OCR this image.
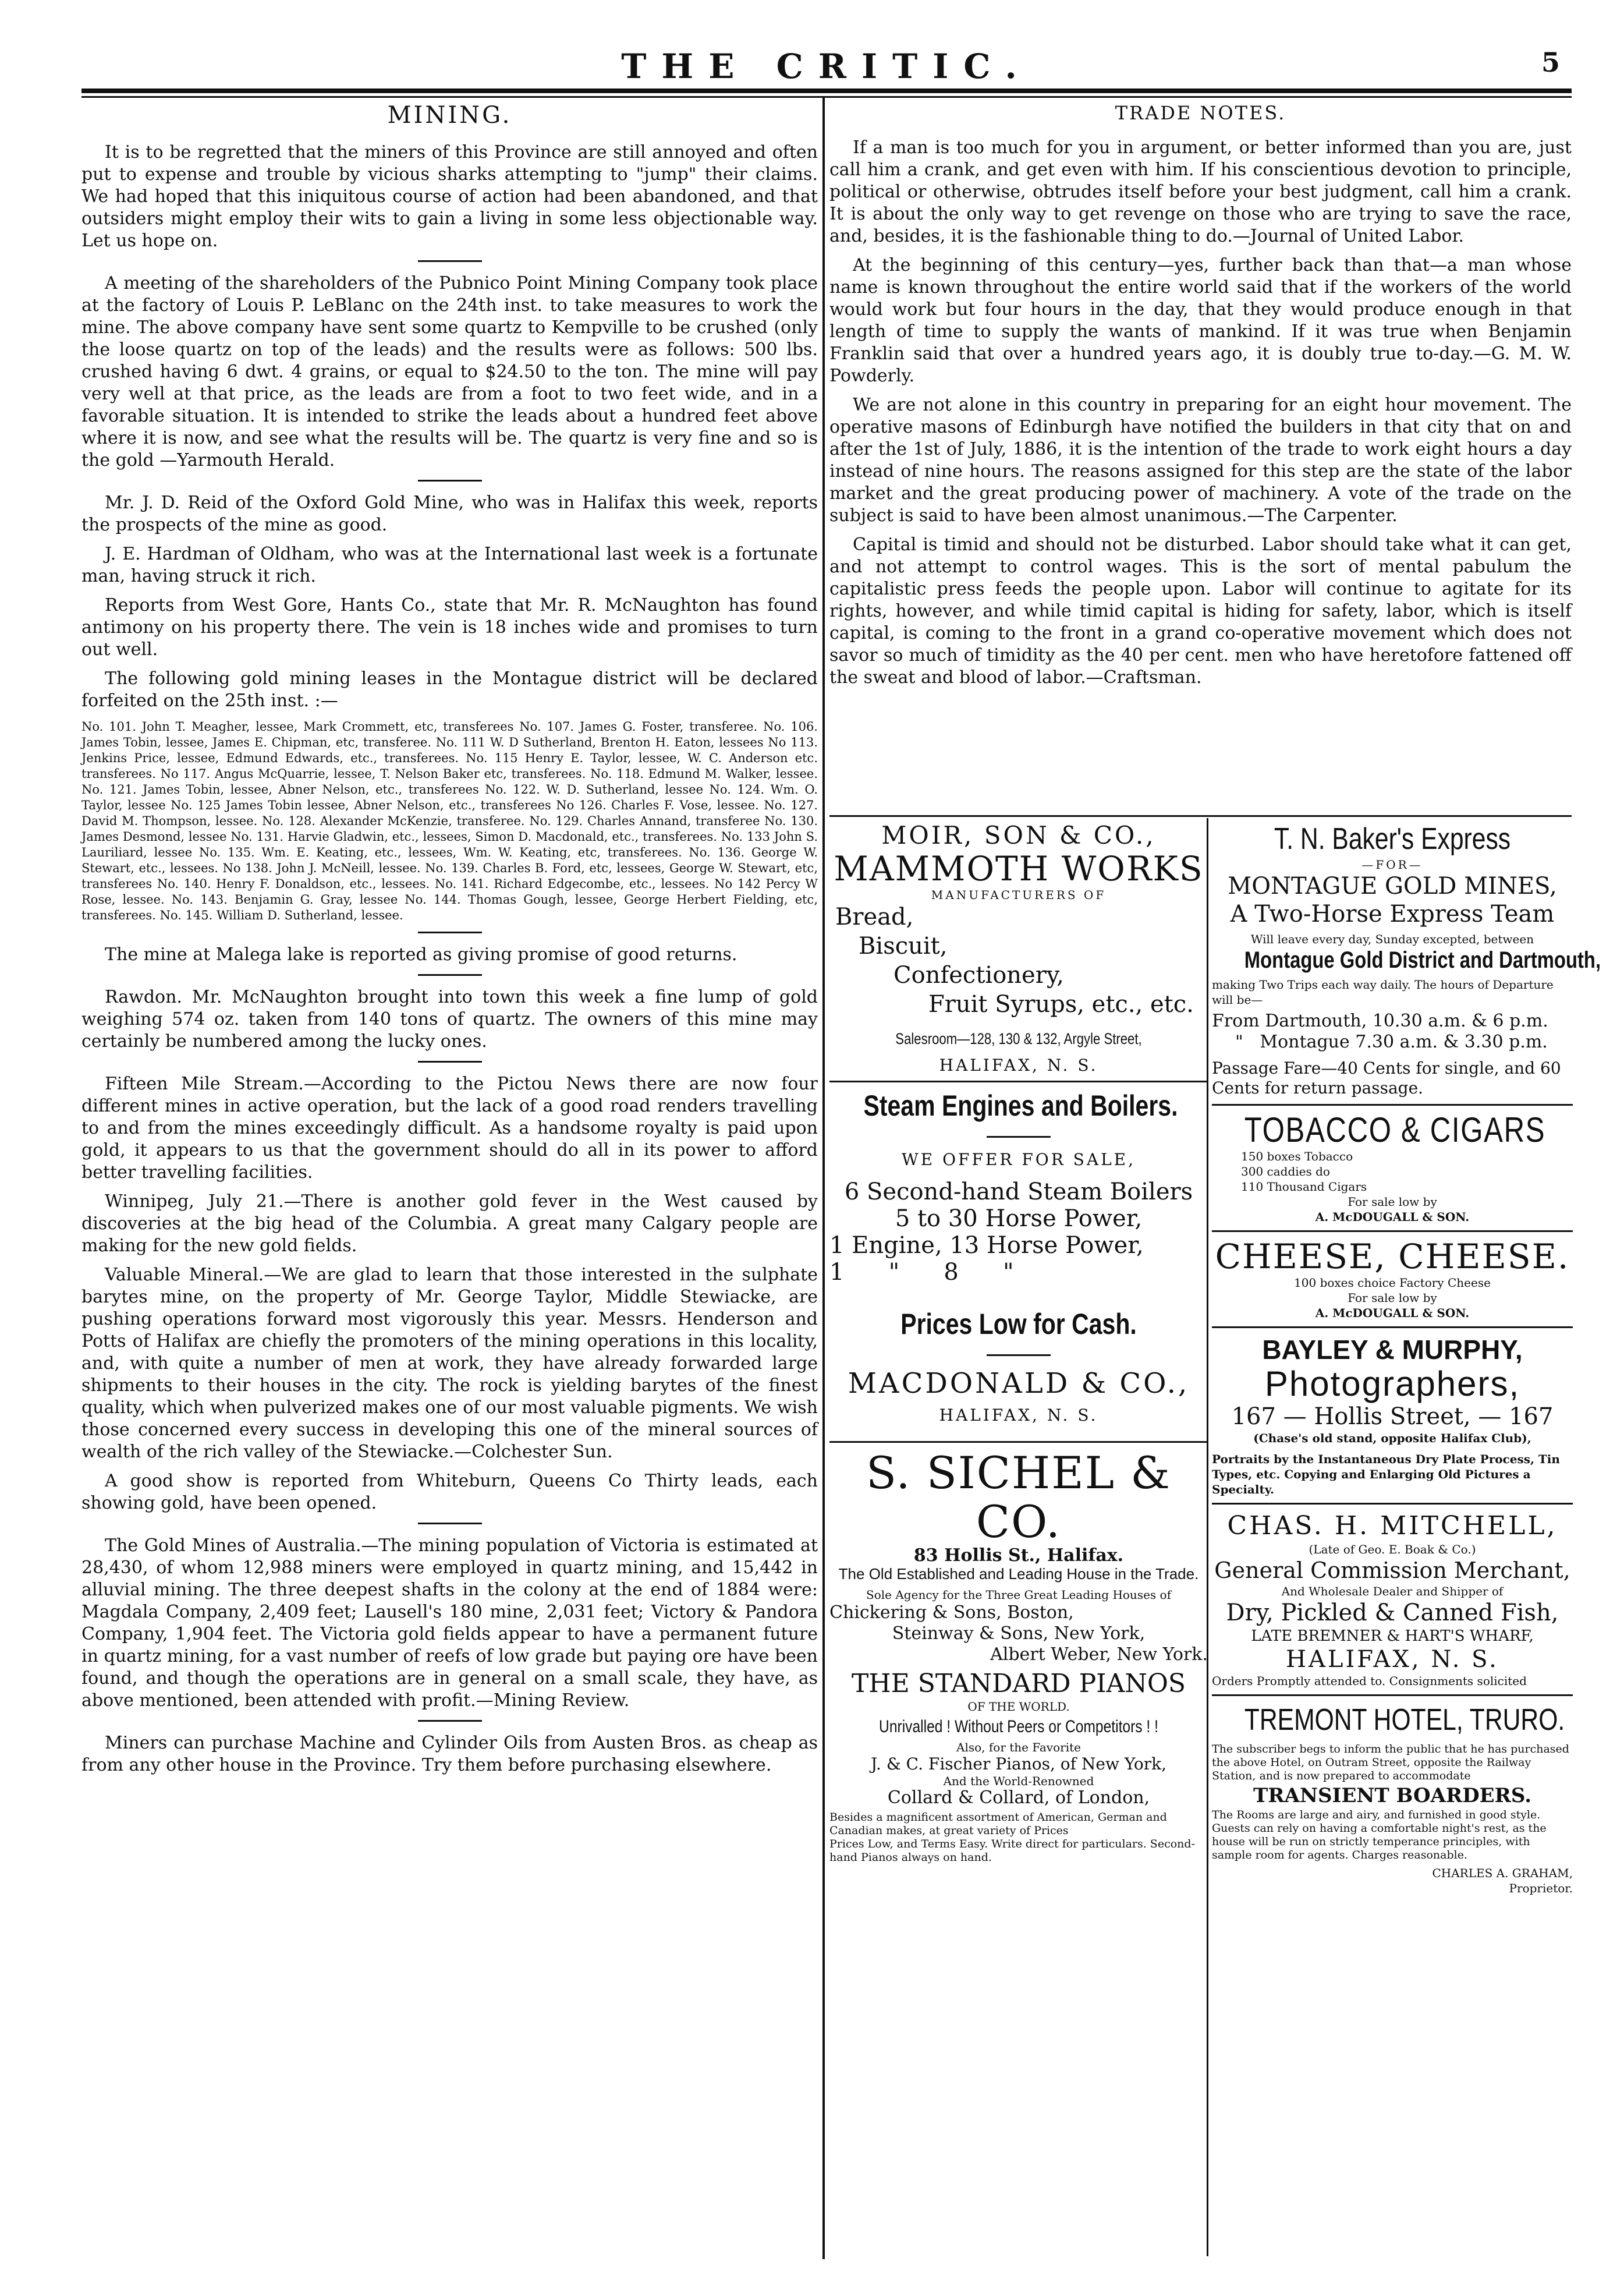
THE CRITIC.	5
MINING.

It is to be regretted that the miners of this Province are still annoyed and often put to expense and trouble by vicious sharks attempting to "jump" their claims. We had hoped that this iniquitous course of action had been abandoned, and that outsiders might employ their wits to gain a living in some less objectionable way. Let us hope on.

A meeting of the shareholders of the Pubnico Point Mining Company took place at the factory of Louis P. LeBlanc on the 24th inst. to take measures to work the mine. The above company have sent some quartz to Kempville to be crushed (only the loose quartz on top of the leads) and the results were as follows: 500 lbs. crushed having 6 dwt. 4 grains, or equal to $24.50 to the ton. The mine will pay very well at that price, as the leads are from a foot to two feet wide, and in a favorable situation. It is intended to strike the leads about a hundred feet above where it is now, and see what the results will be. The quartz is very fine and so is the gold —Yarmouth Herald.

Mr. J. D. Reid of the Oxford Gold Mine, who was in Halifax this week, reports the prospects of the mine as good.

J. E. Hardman of Oldham, who was at the International last week is a fortunate man, having struck it rich.

Reports from West Gore, Hants Co., state that Mr. R. McNaughton has found antimony on his property there. The vein is 18 inches wide and promises to turn out well.

The following gold mining leases in the Montague district will be declared forfeited on the 25th inst. :—

No. 101. John T. Meagher, lessee, Mark Crommett, etc, transferees No. 107. James G. Foster, transferee. No. 106. James Tobin, lessee, James E. Chipman, etc, transferee. No. 111 W. D Sutherland, Brenton H. Eaton, lessees No 113. Jenkins Price, lessee, Edmund Edwards, etc., transferees. No. 115 Henry E. Taylor, lessee, W. C. Anderson etc. transferees. No 117. Angus McQuarrie, lessee, T. Nelson Baker etc, transferees. No. 118. Edmund M. Walker, lessee. No. 121. James Tobin, lessee, Abner Nelson, etc., transferees No. 122. W. D. Sutherland, lessee No. 124. Wm. O. Taylor, lessee No. 125 James Tobin lessee, Abner Nelson, etc., transferees No 126. Charles F. Vose, lessee. No. 127. David M. Thompson, lessee. No. 128. Alexander McKenzie, transferee. No. 129. Charles Annand, transferee No. 130. James Desmond, lessee No. 131. Harvie Gladwin, etc., lessees, Simon D. Macdonald, etc., transferees. No. 133 John S. Lauriliard, lessee No. 135. Wm. E. Keating, etc., lessees, Wm. W. Keating, etc, transferees. No. 136. George W. Stewart, etc., lessees. No 138. John J. McNeill, lessee. No. 139. Charles B. Ford, etc, lessees, George W. Stewart, etc, transferees No. 140. Henry F. Donaldson, etc., lessees. No. 141. Richard Edgecombe, etc., lessees. No 142 Percy W Rose, lessee. No. 143. Benjamin G. Gray, lessee No. 144. Thomas Gough, lessee, George Herbert Fielding, etc, transferees. No. 145. William D. Sutherland, lessee.

The mine at Malega lake is reported as giving promise of good returns.

Rawdon. Mr. McNaughton brought into town this week a fine lump of gold weighing 574 oz. taken from 140 tons of quartz. The owners of this mine may certainly be numbered among the lucky ones.

Fifteen Mile Stream.—According to the Pictou News there are now four different mines in active operation, but the lack of a good road renders travelling to and from the mines exceedingly difficult. As a handsome royalty is paid upon gold, it appears to us that the government should do all in its power to afford better travelling facilities.

Winnipeg, July 21.—There is another gold fever in the West caused by discoveries at the big head of the Columbia. A great many Calgary people are making for the new gold fields.

Valuable Mineral.—We are glad to learn that those interested in the sulphate barytes mine, on the property of Mr. George Taylor, Middle Stewiacke, are pushing operations forward most vigorously this year. Messrs. Henderson and Potts of Halifax are chiefly the promoters of the mining operations in this locality, and, with quite a number of men at work, they have already forwarded large shipments to their houses in the city. The rock is yielding barytes of the finest quality, which when pulverized makes one of our most valuable pigments. We wish those concerned every success in developing this one of the mineral sources of wealth of the rich valley of the Stewiacke.—Colchester Sun.

A good show is reported from Whiteburn, Queens Co Thirty leads, each showing gold, have been opened.

The Gold Mines of Australia.—The mining population of Victoria is estimated at 28,430, of whom 12,988 miners were employed in quartz mining, and 15,442 in alluvial mining. The three deepest shafts in the colony at the end of 1884 were: Magdala Company, 2,409 feet; Lausell's 180 mine, 2,031 feet; Victory & Pandora Company, 1,904 feet. The Victoria gold fields appear to have a permanent future in quartz mining, for a vast number of reefs of low grade but paying ore have been found, and though the operations are in general on a small scale, they have, as above mentioned, been attended with profit.—Mining Review.

Miners can purchase Machine and Cylinder Oils from Austen Bros. as cheap as from any other house in the Province. Try them before purchasing elsewhere.

TRADE NOTES.

If a man is too much for you in argument, or better informed than you are, just call him a crank, and get even with him. If his conscientious devotion to principle, political or otherwise, obtrudes itself before your best judgment, call him a crank. It is about the only way to get revenge on those who are trying to save the race, and, besides, it is the fashionable thing to do.—Journal of United Labor.

At the beginning of this century—yes, further back than that—a man whose name is known throughout the entire world said that if the workers of the world would work but four hours in the day, that they would produce enough in that length of time to supply the wants of mankind. If it was true when Benjamin Franklin said that over a hundred years ago, it is doubly true to-day.—G. M. W. Powderly.

We are not alone in this country in preparing for an eight hour movement. The operative masons of Edinburgh have notified the builders in that city that on and after the 1st of July, 1886, it is the intention of the trade to work eight hours a day instead of nine hours. The reasons assigned for this step are the state of the labor market and the great producing power of machinery. A vote of the trade on the subject is said to have been almost unanimous.—The Carpenter.

Capital is timid and should not be disturbed. Labor should take what it can get, and not attempt to control wages. This is the sort of mental pabulum the capitalistic press feeds the people upon. Labor will continue to agitate for its rights, however, and while timid capital is hiding for safety, labor, which is itself capital, is coming to the front in a grand co-operative movement which does not savor so much of timidity as the 40 per cent. men who have heretofore fattened off the sweat and blood of labor.—Craftsman.

MOIR, SON & CO.,
MAMMOTH WORKS
MANUFACTURERS OF
Bread,
Biscuit,
Confectionery,
Fruit Syrups, etc., etc.
Salesroom—128, 130 & 132, Argyle Street,
HALIFAX, N. S.
Steam Engines and Boilers.
WE OFFER FOR SALE,
6 Second-hand Steam Boilers
5 to 30 Horse Power,
1 Engine, 13 Horse Power,
1      "      8      "
Prices Low for Cash.
MACDONALD & CO.,
HALIFAX, N. S.
S. SICHEL & CO.
83 Hollis St., Halifax.
The Old Established and Leading House in the Trade.
Sole Agency for the Three Great Leading Houses of
Chickering & Sons, Boston,
Steinway & Sons, New York,
Albert Weber, New York.
THE STANDARD PIANOS
OF THE WORLD.
Unrivalled ! Without Peers or Competitors ! !
Also, for the Favorite
J. & C. Fischer Pianos, of New York,
And the World-Renowned
Collard & Collard, of London,
Besides a magnificent assortment of American, German and Canadian makes, at great variety of Prices
Prices Low, and Terms Easy. Write direct for particulars. Second-hand Pianos always on hand.
T. N. Baker's Express
—FOR—
MONTAGUE GOLD MINES,
A Two-Horse Express Team
Will leave every day, Sunday excepted, between
Montague Gold District and Dartmouth,
making Two Trips each way daily. The hours of Departure will be—
From Dartmouth, 10.30 a.m. & 6 p.m.
"   Montague 7.30 a.m. & 3.30 p.m.
Passage Fare—40 Cents for single, and 60 Cents for return passage.
TOBACCO & CIGARS
150 boxes Tobacco
300 caddies do
110 Thousand Cigars
For sale low by
A. McDOUGALL & SON.
CHEESE, CHEESE.
100 boxes choice Factory Cheese
For sale low by
A. McDOUGALL & SON.
BAYLEY & MURPHY,
Photographers,
167 — Hollis Street, — 167
(Chase's old stand, opposite Halifax Club),
Portraits by the Instantaneous Dry Plate Process, Tin Types, etc. Copying and Enlarging Old Pictures a Specialty.
CHAS. H. MITCHELL,
(Late of Geo. E. Boak & Co.)
General Commission Merchant,
And Wholesale Dealer and Shipper of
Dry, Pickled & Canned Fish,
LATE BREMNER & HART'S WHARF,
HALIFAX, N. S.
Orders Promptly attended to. Consignments solicited
TREMONT HOTEL, TRURO.
The subscriber begs to inform the public that he has purchased the above Hotel, on Outram Street, opposite the Railway Station, and is now prepared to accommodate
TRANSIENT BOARDERS.
The Rooms are large and airy, and furnished in good style. Guests can rely on having a comfortable night's rest, as the house will be run on strictly temperance principles, with sample room for agents. Charges reasonable.
CHARLES A. GRAHAM,
Proprietor.
